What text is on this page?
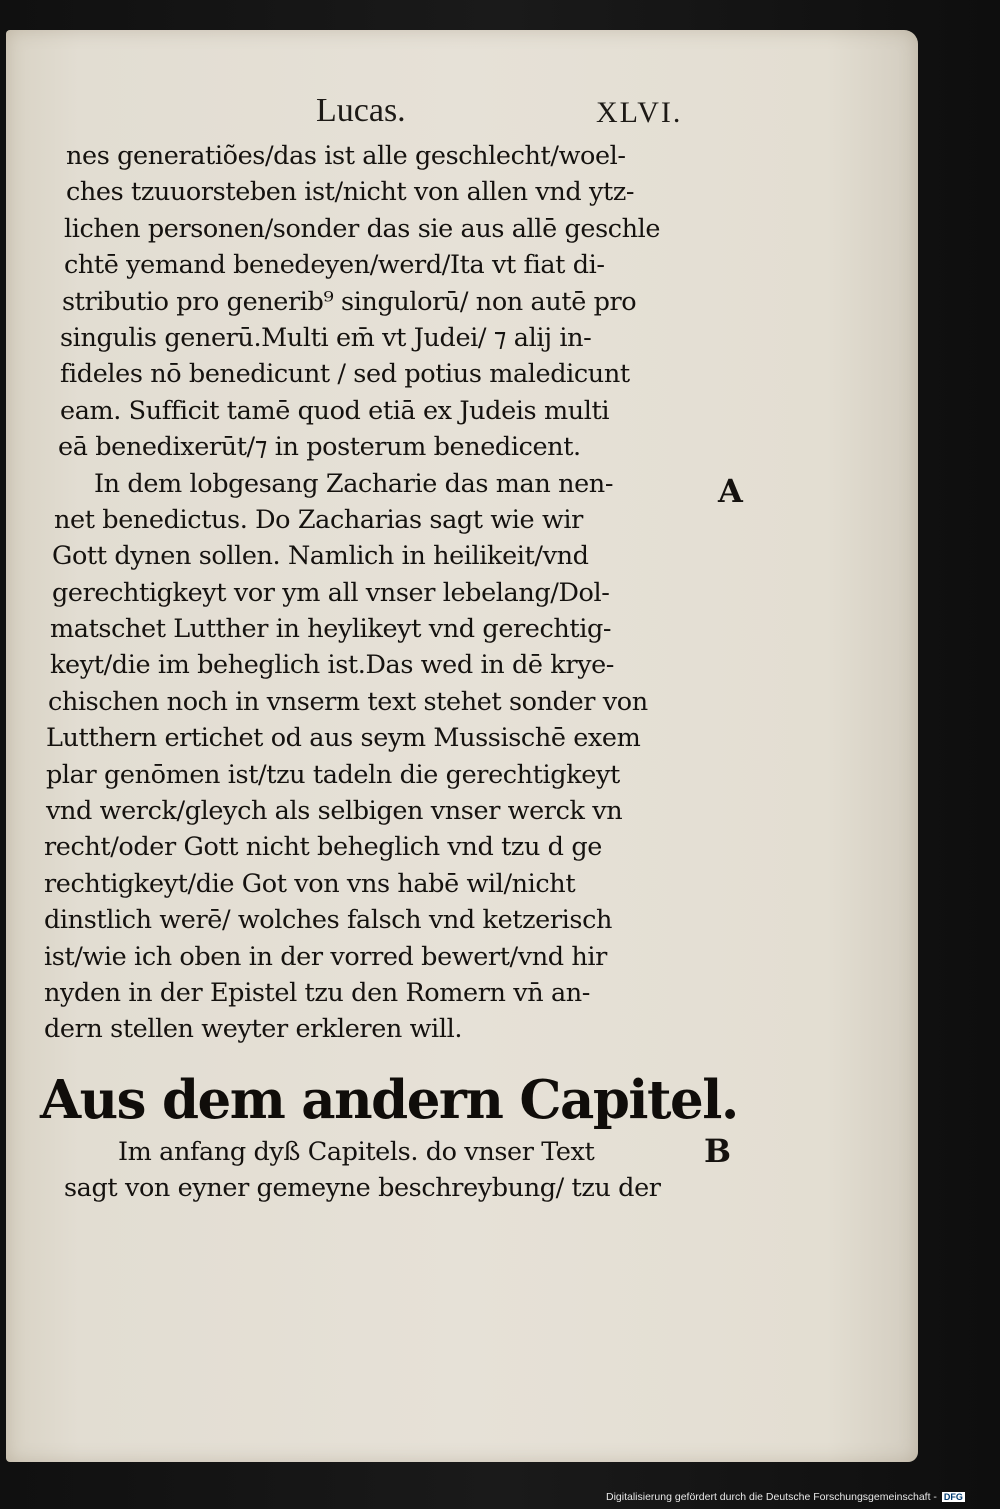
Lucas.	XLVI.
nes generatiões/das ist alle geschlecht/woel-
ches tzuuorsteben ist/nicht von allen vnd ytz-
lichen personen/sonder das sie aus allē geschle
chtē yemand benedeyen/werd/Ita vt fiat di-
stributio pro generib⁹ singulorū/ non autē pro
singulis generū.Multi em̄ vt Judei/ ⁊ alij in-
fideles nō benedicunt / sed potius maledicunt
eam. Sufficit tamē quod etiā ex Judeis multi
eā benedixerūt/⁊ in posterum benedicent.
In dem lobgesang Zacharie das man nen-
net benedictus. Do Zacharias sagt wie wir
Gott dynen sollen. Namlich in heilikeit/vnd
gerechtigkeyt vor ym all vnser lebelang/Dol-
matschet Lutther in heylikeyt vnd gerechtig-
keyt/die im beheglich ist.Das wed in dē krye-
chischen noch in vnserm text stehet sonder von
Lutthern ertichet od aus seym Mussischē exem
plar genōmen ist/tzu tadeln die gerechtigkeyt
vnd werck/gleych als selbigen vnser werck vn
recht/oder Gott nicht beheglich vnd tzu d ge
rechtigkeyt/die Got von vns habē wil/nicht
dinstlich werē/ wolches falsch vnd ketzerisch
ist/wie ich oben in der vorred bewert/vnd hir
nyden in der Epistel tzu den Romern vn̄ an-
dern stellen weyter erkleren will.
Aus dem andern Capitel.
Im anfang dyß Capitels. do vnser Text
sagt von eyner gemeyne beschreybung/ tzu der
A
B
Digitalisierung gefördert durch die Deutsche Forschungsgemeinschaft - DFG
